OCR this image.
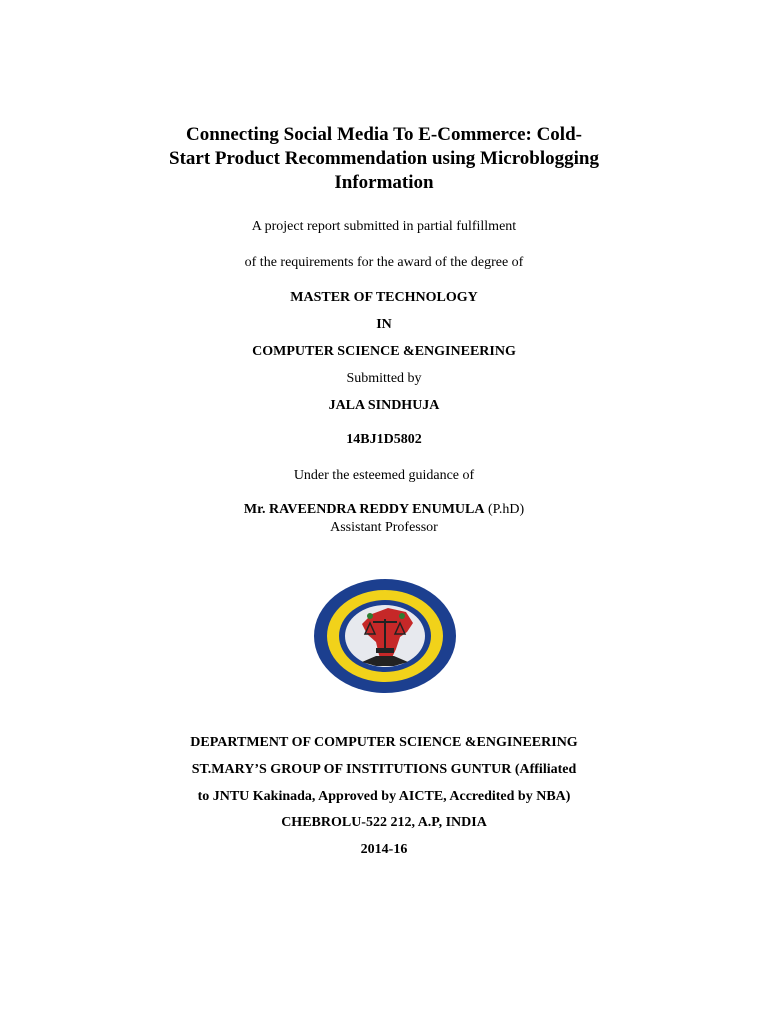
Connecting Social Media To E-Commerce: Cold-
Start Product Recommendation using Microblogging
Information
A project report submitted in partial fulfillment
of the requirements for the award of the degree of
MASTER OF TECHNOLOGY
IN
COMPUTER SCIENCE &ENGINEERING
Submitted by
JALA SINDHUJA
14BJ1D5802
Under the esteemed guidance of
Mr. RAVEENDRA REDDY ENUMULA (P.hD)
Assistant Professor
DEPARTMENT OF COMPUTER SCIENCE &ENGINEERING
ST.MARY’S GROUP OF INSTITUTIONS GUNTUR (Affiliated
to JNTU Kakinada, Approved by AICTE, Accredited by NBA)
CHEBROLU-522 212, A.P, INDIA
2014-16
